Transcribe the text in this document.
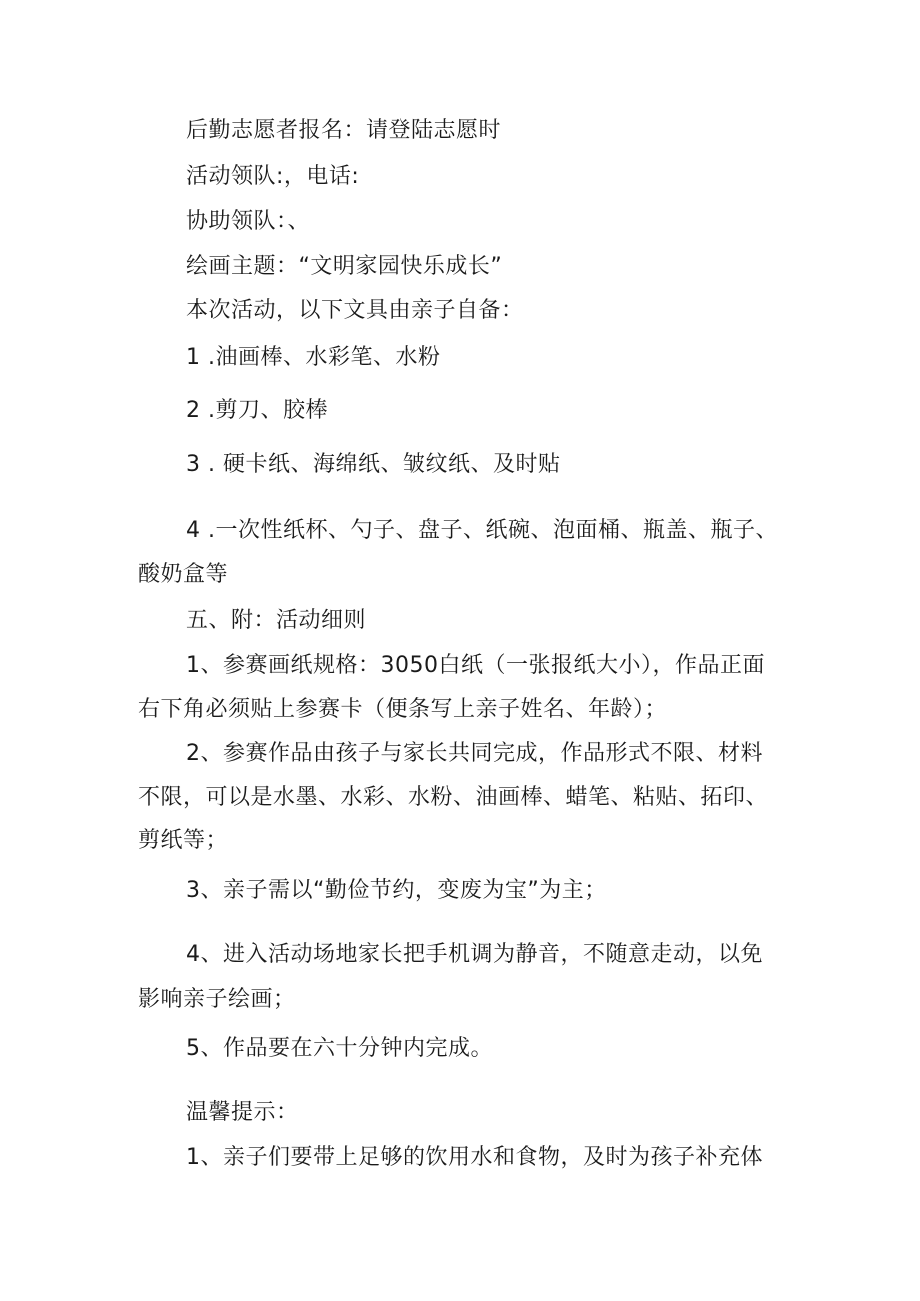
后勤志愿者报名：请登陆志愿时
活动领队:，电话:
协助领队：、
绘画主题：“文明家园快乐成长”
本次活动，以下文具由亲子自备：
1 .油画棒、水彩笔、水粉
2 .剪刀、胶棒
3 . 硬卡纸、海绵纸、皱纹纸、及时贴
4 .一次性纸杯、勺子、盘子、纸碗、泡面桶、瓶盖、瓶子、
酸奶盒等
五、附：活动细则
1、参赛画纸规格：3050白纸（一张报纸大小），作品正面
右下角必须贴上参赛卡（便条写上亲子姓名、年龄）；
2、参赛作品由孩子与家长共同完成，作品形式不限、材料
不限，可以是水墨、水彩、水粉、油画棒、蜡笔、粘贴、拓印、
剪纸等；
3、亲子需以“勤俭节约，变废为宝”为主；
4、进入活动场地家长把手机调为静音，不随意走动，以免
影响亲子绘画；
5、作品要在六十分钟内完成。
温馨提示：
1、亲子们要带上足够的饮用水和食物，及时为孩子补充体
